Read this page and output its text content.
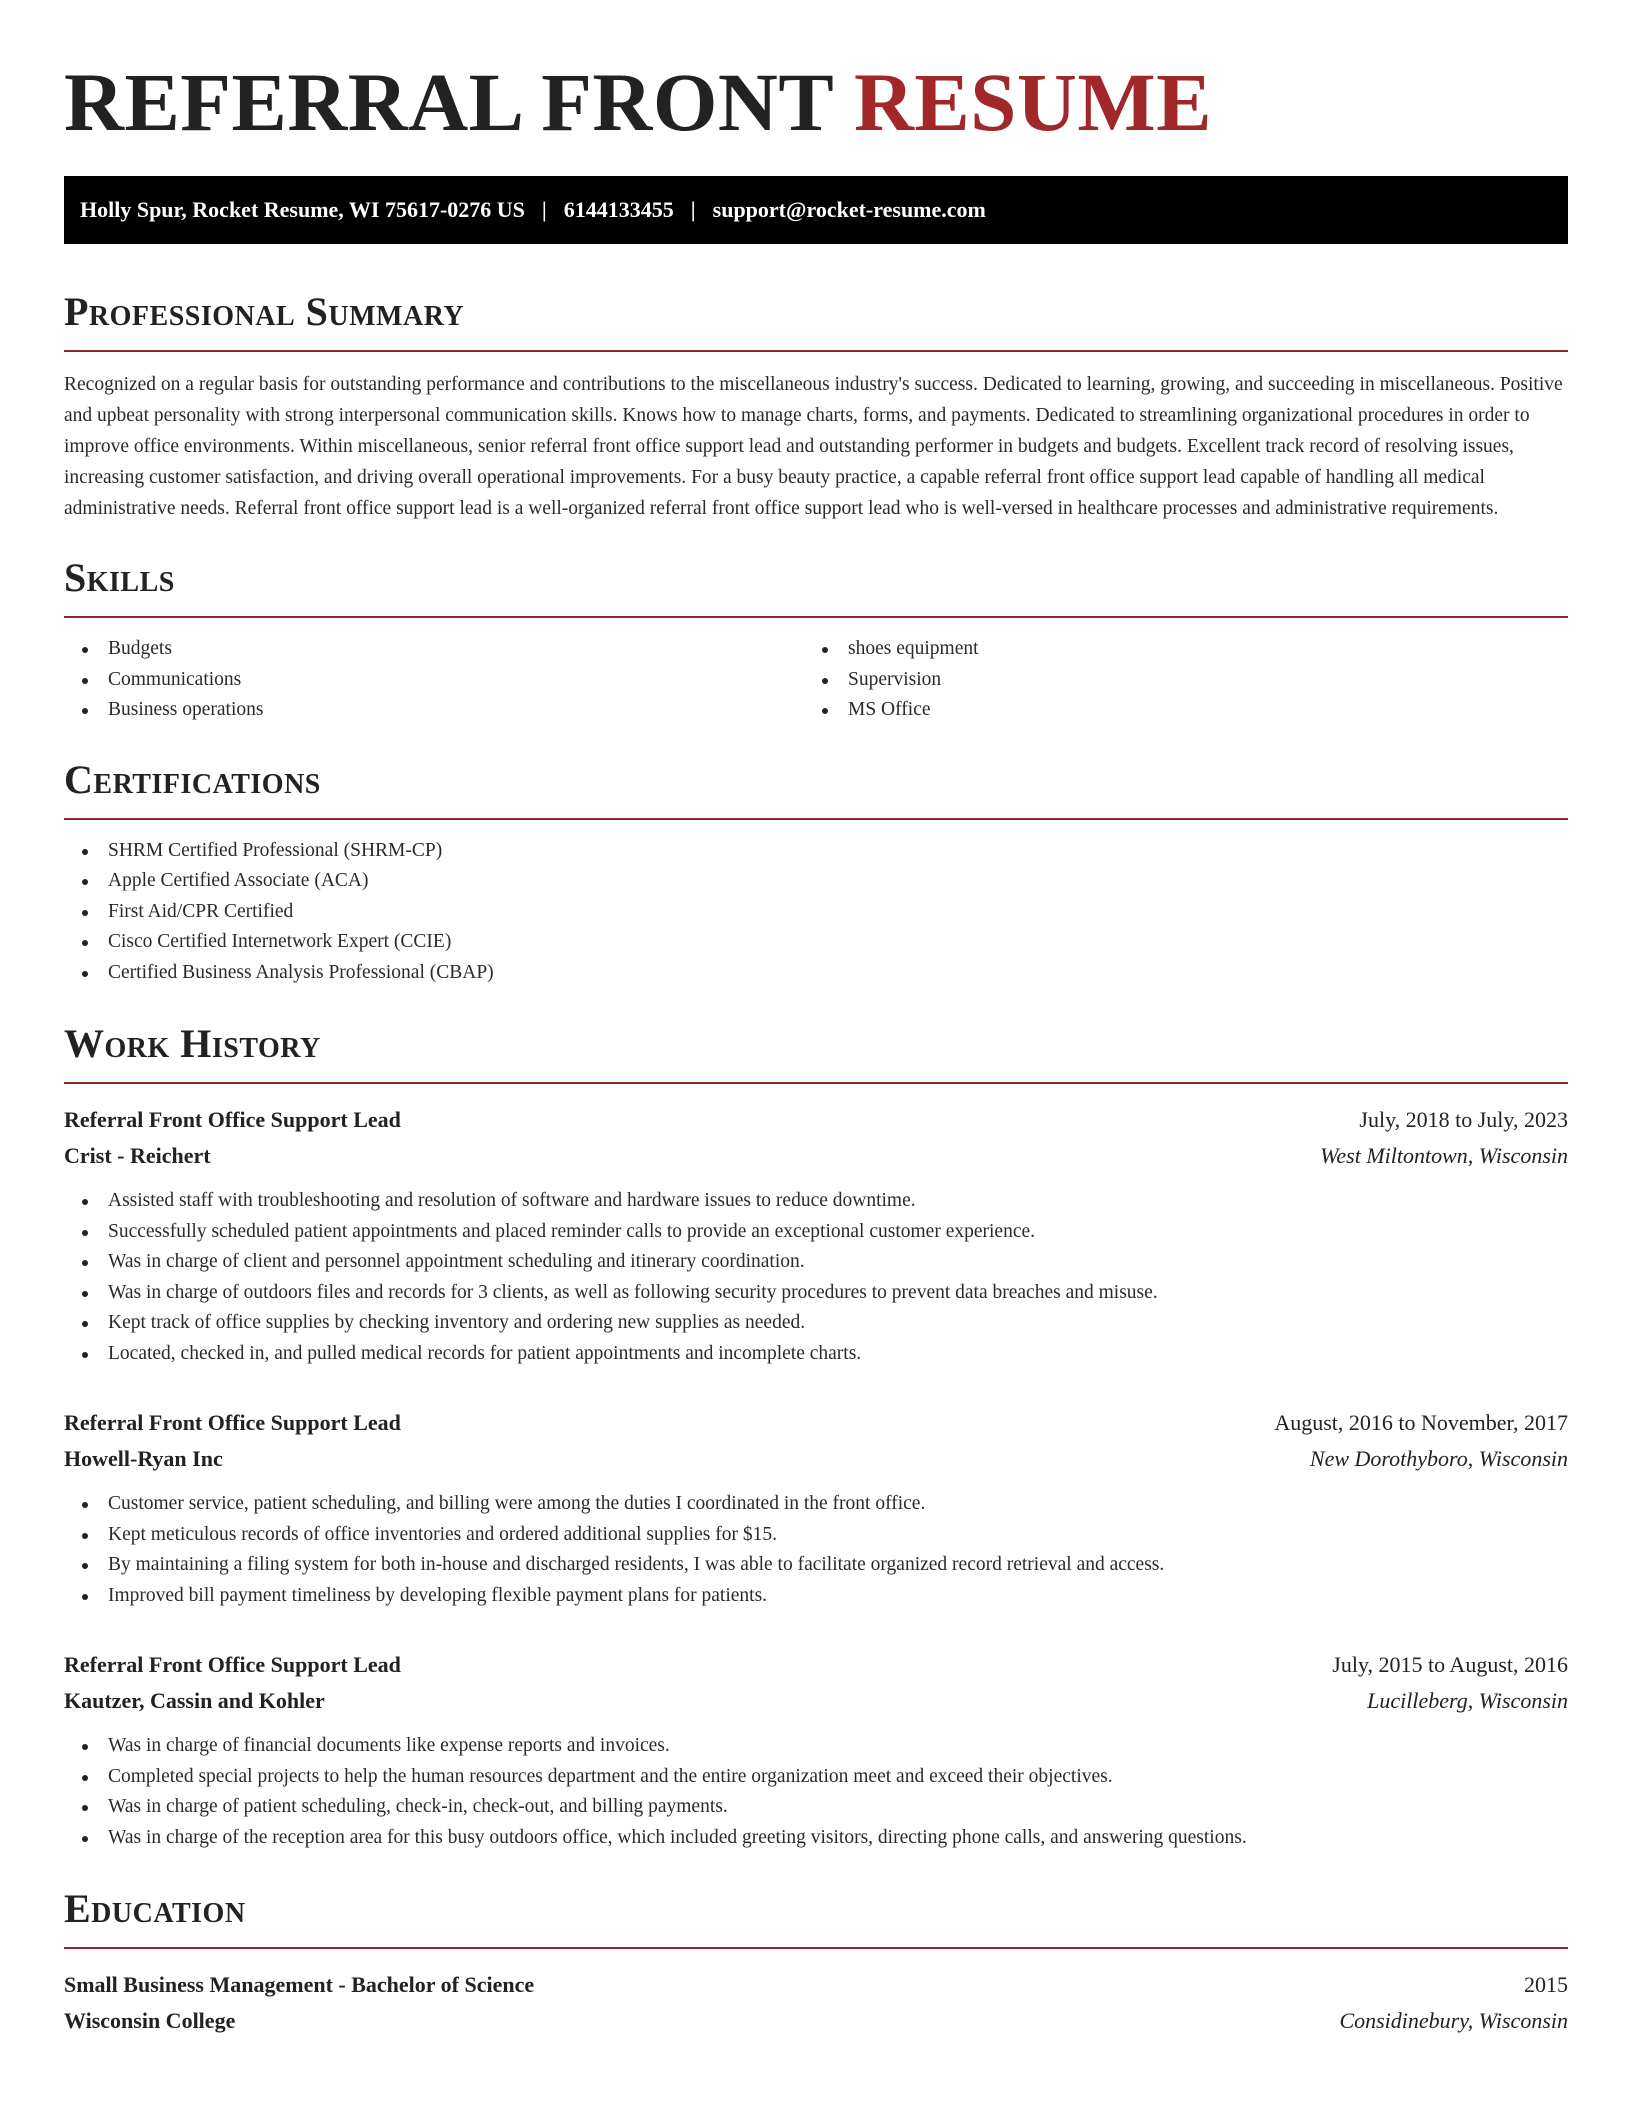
REFERRAL FRONT RESUME
Holly Spur, Rocket Resume, WI 75617-0276 US | 6144133455 | support@rocket-resume.com
Professional Summary
Recognized on a regular basis for outstanding performance and contributions to the miscellaneous industry's success. Dedicated to learning, growing, and succeeding in miscellaneous. Positive and upbeat personality with strong interpersonal communication skills. Knows how to manage charts, forms, and payments. Dedicated to streamlining organizational procedures in order to improve office environments. Within miscellaneous, senior referral front office support lead and outstanding performer in budgets and budgets. Excellent track record of resolving issues, increasing customer satisfaction, and driving overall operational improvements. For a busy beauty practice, a capable referral front office support lead capable of handling all medical administrative needs. Referral front office support lead is a well-organized referral front office support lead who is well-versed in healthcare processes and administrative requirements.
Skills
Budgets
Communications
Business operations
shoes equipment
Supervision
MS Office
Certifications
SHRM Certified Professional (SHRM-CP)
Apple Certified Associate (ACA)
First Aid/CPR Certified
Cisco Certified Internetwork Expert (CCIE)
Certified Business Analysis Professional (CBAP)
Work History
Referral Front Office Support Lead	July, 2018 to July, 2023
Crist - Reichert	West Miltontown, Wisconsin
Assisted staff with troubleshooting and resolution of software and hardware issues to reduce downtime.
Successfully scheduled patient appointments and placed reminder calls to provide an exceptional customer experience.
Was in charge of client and personnel appointment scheduling and itinerary coordination.
Was in charge of outdoors files and records for 3 clients, as well as following security procedures to prevent data breaches and misuse.
Kept track of office supplies by checking inventory and ordering new supplies as needed.
Located, checked in, and pulled medical records for patient appointments and incomplete charts.
Referral Front Office Support Lead	August, 2016 to November, 2017
Howell-Ryan Inc	New Dorothyboro, Wisconsin
Customer service, patient scheduling, and billing were among the duties I coordinated in the front office.
Kept meticulous records of office inventories and ordered additional supplies for $15.
By maintaining a filing system for both in-house and discharged residents, I was able to facilitate organized record retrieval and access.
Improved bill payment timeliness by developing flexible payment plans for patients.
Referral Front Office Support Lead	July, 2015 to August, 2016
Kautzer, Cassin and Kohler	Lucilleberg, Wisconsin
Was in charge of financial documents like expense reports and invoices.
Completed special projects to help the human resources department and the entire organization meet and exceed their objectives.
Was in charge of patient scheduling, check-in, check-out, and billing payments.
Was in charge of the reception area for this busy outdoors office, which included greeting visitors, directing phone calls, and answering questions.
Education
Small Business Management - Bachelor of Science	2015
Wisconsin College	Considinebury, Wisconsin
